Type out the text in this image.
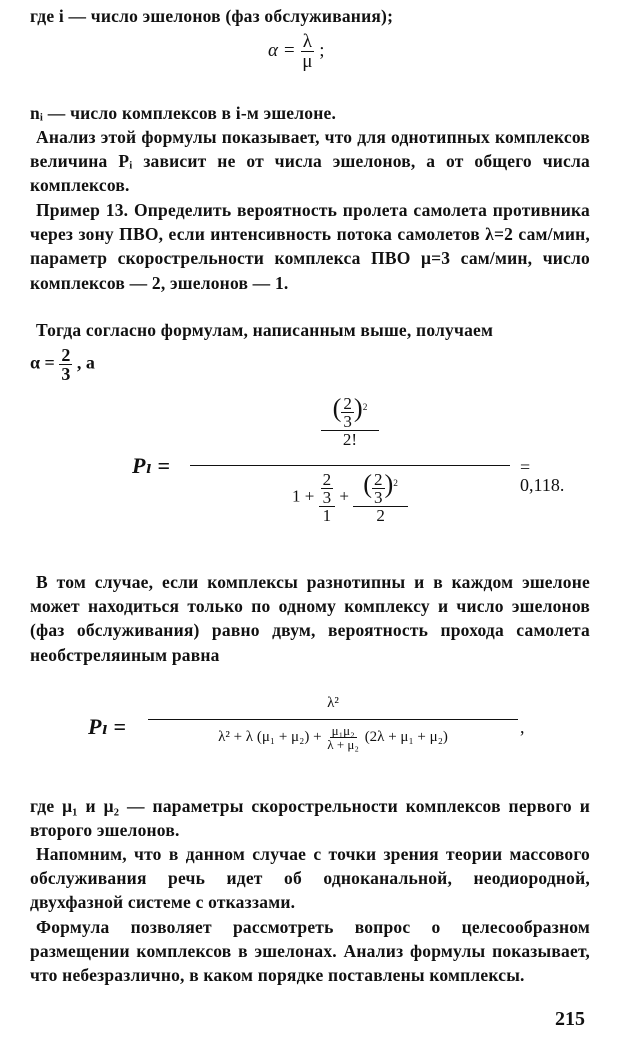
где i — число эшелонов (фаз обслуживания);

$\alpha = \frac{\lambda}{\mu}$ ;

nᵢ — число комплексов в i-м эшелоне.

Анализ этой формулы показывает, что для однотипных комплексов величина Pᵢ зависит не от числа эшелонов, а от общего числа комплексов.

Пример 13. Определить вероятность пролета самолета противника через зону ПВО, если интенсивность потока самолетов λ=2 сам/мин, параметр скорострельности комплекса ПВО μ=3 сам/мин, число комплексов — 2, эшелонов — 1.

Тогда согласно формулам, написанным выше, получаем

$\alpha = \frac{2}{3}$ , а
Pₗ =
$\frac{( \frac{2}{3} )^2}{2!}$
$1 + \frac{\frac{2}{3}}{1} + \frac{( \frac{2}{3} )^2}{2}$
= 0,118.

В том случае, если комплексы разнотипны и в каждом эшелоне может находиться только по одному комплексу и число эшелонов (фаз обслуживания) равно двум, вероятность прохода самолета необстреляиным равна

Pₗ =
λ²
λ² + λ $(\mu_1 + \mu_2) + \frac{\text{μ₁μ₂}}{\text{λ + μ₂}} (2\lambda + \mu_1 + \mu_2)$	,

где μ₁ и μ₂ — параметры скорострельности комплексов первого и второго эшелонов.

Напомним, что в данном случае с точки зрения теории массового обслуживания речь идет об одноканальной, неодиородной, двухфазной системе с отказзами.

Формула позволяет рассмотреть вопрос о целесообразном размещении комплексов в эшелонах. Анализ формулы показывает, что небезразлично, в каком порядке поставлены комплексы.

215
